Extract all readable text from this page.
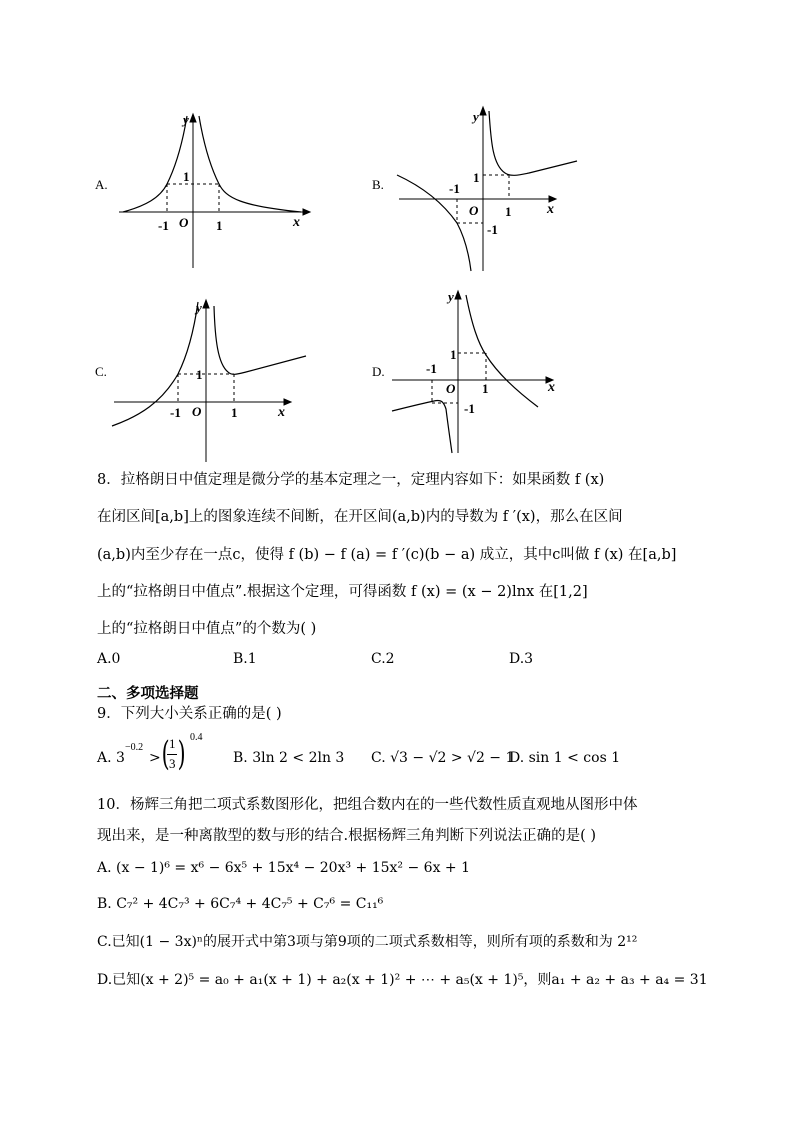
A.
y
x
1
-1	1
O
B.
y
x
1
-1
-1
1
O
C.
y
x
1
-1	1
O
D.
y
x
1
-1
-1
1
O
8．拉格朗日中值定理是微分学的基本定理之一，定理内容如下：如果函数 f (x)
在闭区间[a,b]上的图象连续不间断，在开区间(a,b)内的导数为 f ′(x)，那么在区间
(a,b)内至少存在一点c，使得 f (b) − f (a) = f ′(c)(b − a) 成立，其中c叫做 f (x) 在[a,b]
上的“拉格朗日中值点”.根据这个定理，可得函数 f (x) = (x − 2)lnx 在[1,2]
上的“拉格朗日中值点”的个数为( )
A.0	B.1	C.2	D.3
二、多项选择题
9．下列大小关系正确的是( )
A. 3
−0.2
> ( 1
3 ) 0.4
B. 3ln 2 < 2ln 3 C. √3 − √2 > √2 − 1
D. sin 1 < cos 1
10．杨辉三角把二项式系数图形化，把组合数内在的一些代数性质直观地从图形中体
现出来，是一种离散型的数与形的结合.根据杨辉三角判断下列说法正确的是( )
A. (x − 1)⁶ = x⁶ − 6x⁵ + 15x⁴ − 20x³ + 15x² − 6x + 1
B. C₇² + 4C₇³ + 6C₇⁴ + 4C₇⁵ + C₇⁶ = C₁₁⁶
C.已知(1 − 3x)ⁿ的展开式中第3项与第9项的二项式系数相等，则所有项的系数和为 2¹²
D.已知(x + 2)⁵ = a₀ + a₁(x + 1) + a₂(x + 1)² + ⋯ + a₅(x + 1)⁵，则a₁ + a₂ + a₃ + a₄ = 31
